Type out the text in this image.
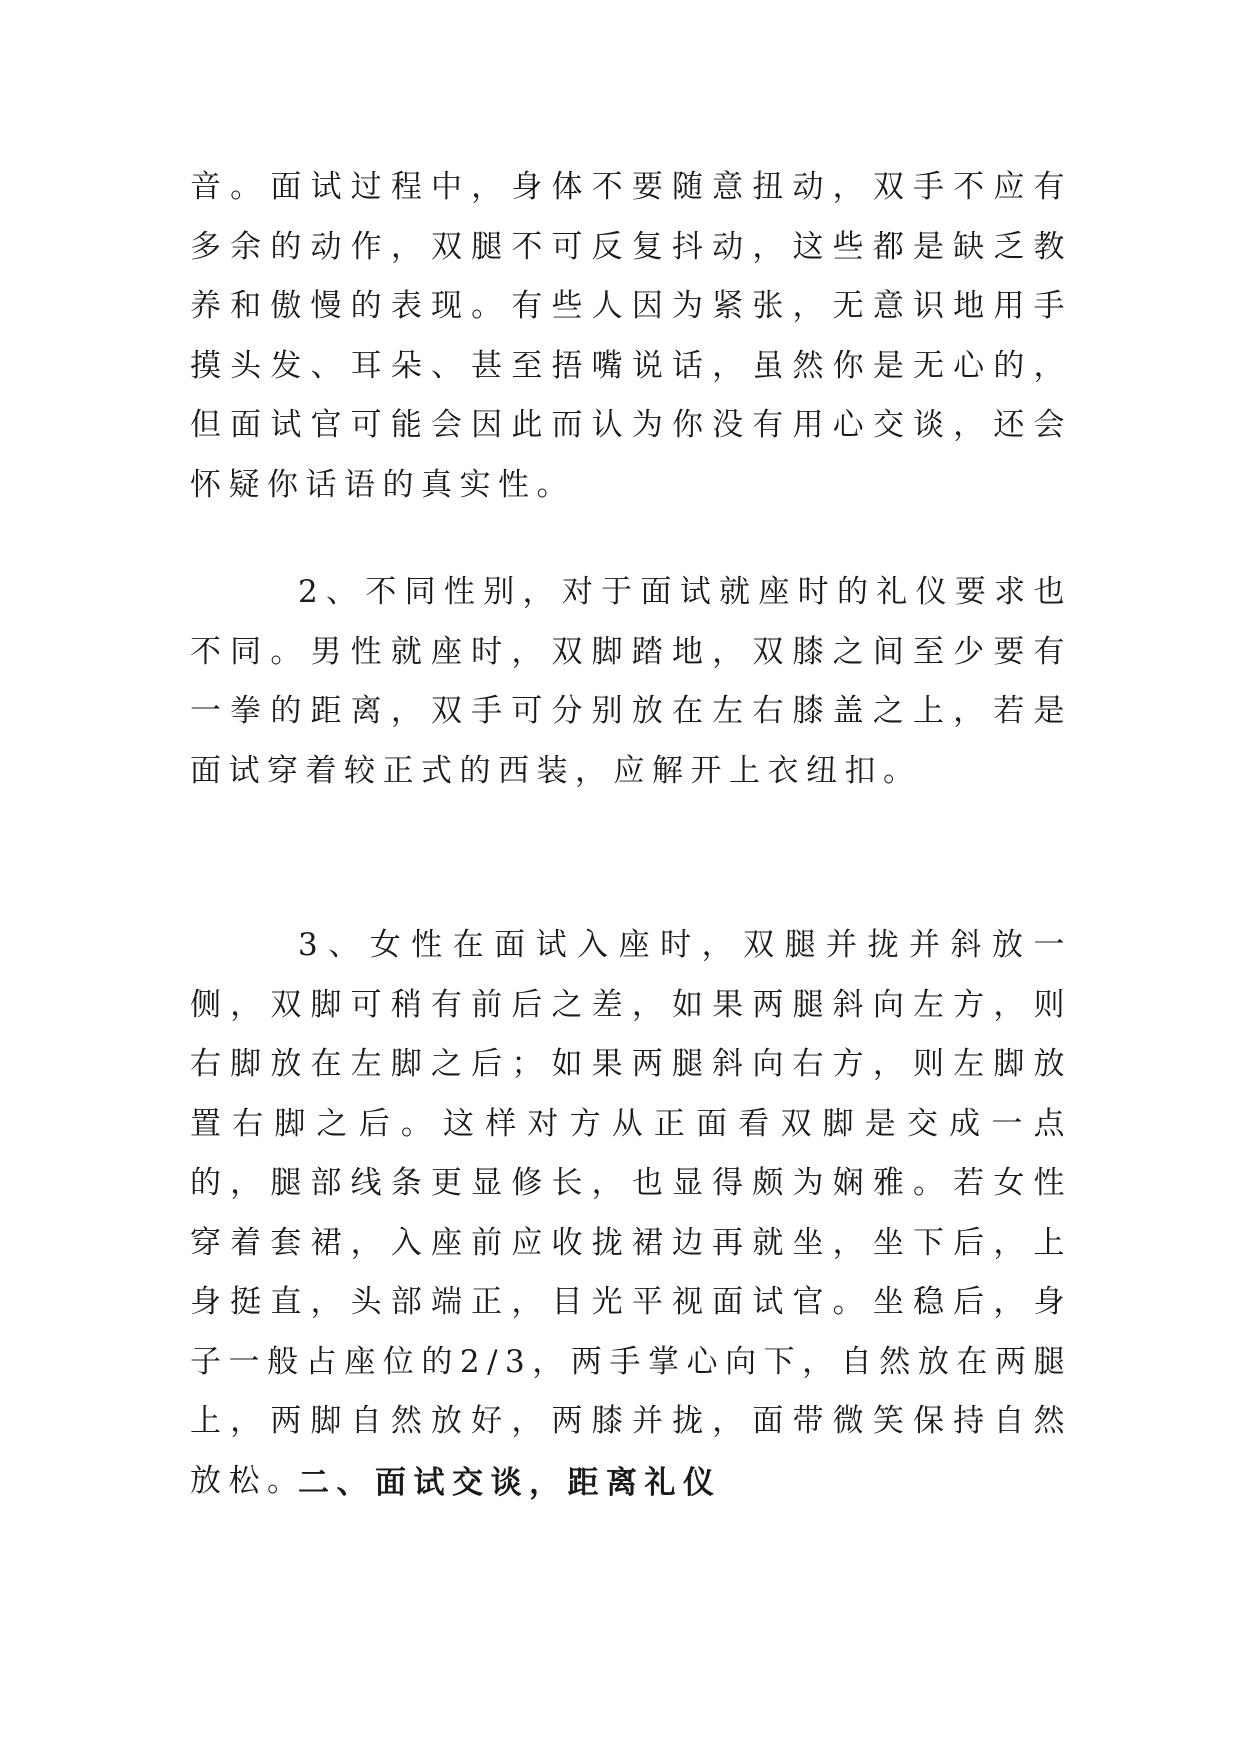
音。面试过程中，身体不要随意扭动，双手不应有多余的动作，双腿不可反复抖动，这些都是缺乏教养和傲慢的表现。有些人因为紧张，无意识地用手摸头发、耳朵、甚至捂嘴说话，虽然你是无心的，但面试官可能会因此而认为你没有用心交谈，还会怀疑你话语的真实性。

2、不同性别，对于面试就座时的礼仪要求也不同。男性就座时，双脚踏地，双膝之间至少要有一拳的距离，双手可分别放在左右膝盖之上，若是面试穿着较正式的西装，应解开上衣纽扣。

3、女性在面试入座时，双腿并拢并斜放一侧，双脚可稍有前后之差，如果两腿斜向左方，则右脚放在左脚之后；如果两腿斜向右方，则左脚放置右脚之后。这样对方从正面看双脚是交成一点的，腿部线条更显修长，也显得颇为娴雅。若女性穿着套裙，入座前应收拢裙边再就坐，坐下后，上身挺直，头部端正，目光平视面试官。坐稳后，身子一般占座位的2/3，两手掌心向下，自然放在两腿上，两脚自然放好，两膝并拢，面带微笑保持自然放松。

二、面试交谈，距离礼仪
